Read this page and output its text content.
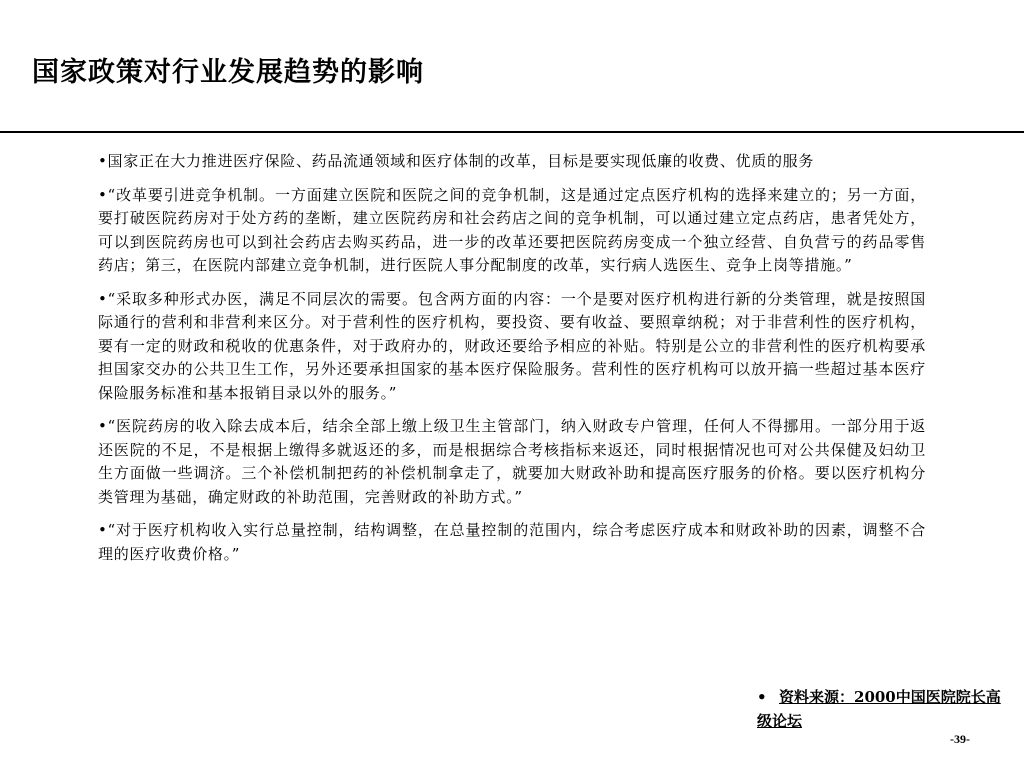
国家政策对行业发展趋势的影响

•国家正在大力推进医疗保险、药品流通领域和医疗体制的改革，目标是要实现低廉的收费、优质的服务

•“改革要引进竞争机制。一方面建立医院和医院之间的竞争机制，这是通过定点医疗机构的选择来建立的；另一方面，要打破医院药房对于处方药的垄断，建立医院药房和社会药店之间的竞争机制，可以通过建立定点药店，患者凭处方，可以到医院药房也可以到社会药店去购买药品，进一步的改革还要把医院药房变成一个独立经营、自负营亏的药品零售药店；第三，在医院内部建立竞争机制，进行医院人事分配制度的改革，实行病人选医生、竞争上岗等措施。”

•“采取多种形式办医，满足不同层次的需要。包含两方面的内容：一个是要对医疗机构进行新的分类管理，就是按照国际通行的营利和非营利来区分。对于营利性的医疗机构，要投资、要有收益、要照章纳税；对于非营利性的医疗机构，要有一定的财政和税收的优惠条件，对于政府办的，财政还要给予相应的补贴。特别是公立的非营利性的医疗机构要承担国家交办的公共卫生工作，另外还要承担国家的基本医疗保险服务。营利性的医疗机构可以放开搞一些超过基本医疗保险服务标准和基本报销目录以外的服务。”

•“医院药房的收入除去成本后，结余全部上缴上级卫生主管部门，纳入财政专户管理，任何人不得挪用。一部分用于返还医院的不足，不是根据上缴得多就返还的多，而是根据综合考核指标来返还，同时根据情况也可对公共保健及妇幼卫生方面做一些调济。三个补偿机制把药的补偿机制拿走了，就要加大财政补助和提高医疗服务的价格。要以医疗机构分类管理为基础，确定财政的补助范围，完善财政的补助方式。”

•“对于医疗机构收入实行总量控制，结构调整，在总量控制的范围内，综合考虑医疗成本和财政补助的因素，调整不合理的医疗收费价格。”

• 资料来源：2000中国医院院长高级论坛
-39-
